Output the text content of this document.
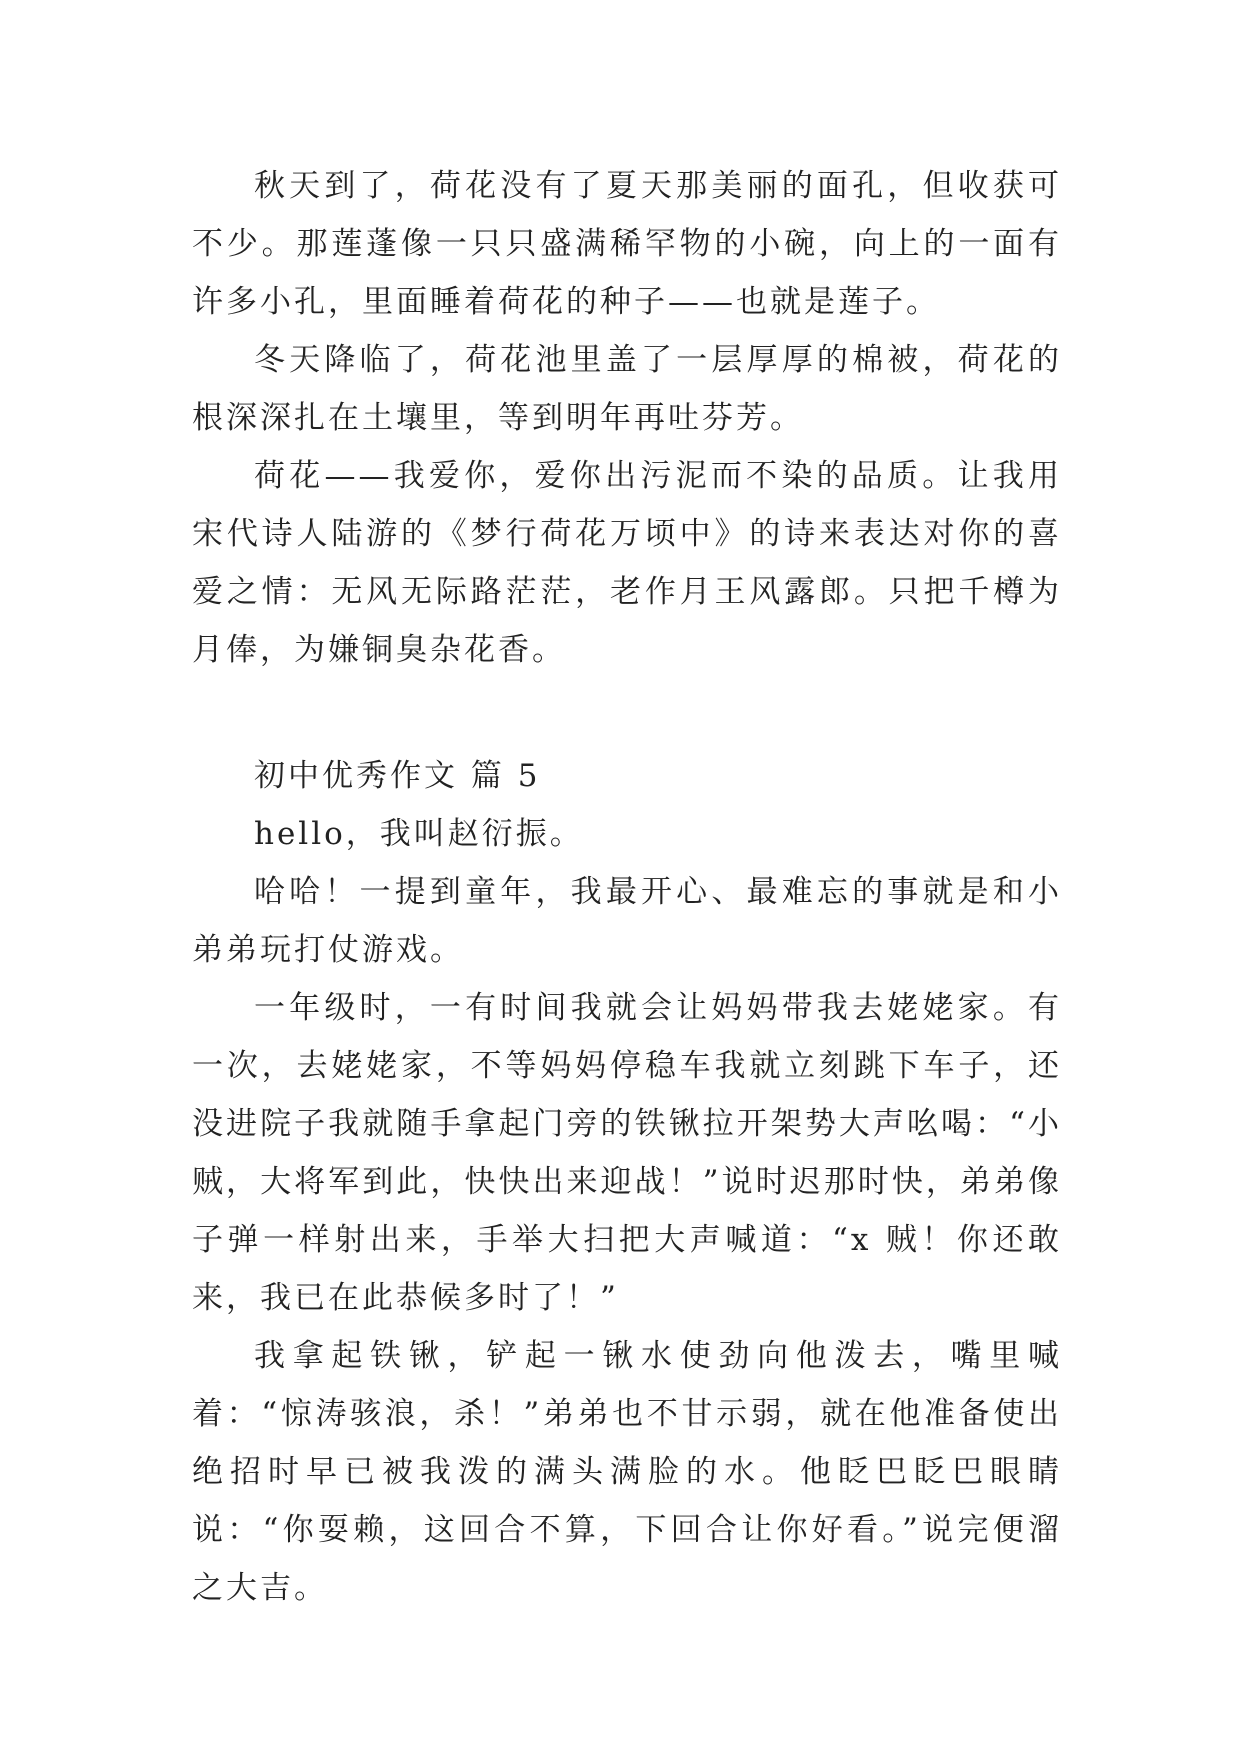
秋天到了，荷花没有了夏天那美丽的面孔，但收获可不少。那莲蓬像一只只盛满稀罕物的小碗，向上的一面有许多小孔，里面睡着荷花的种子——也就是莲子。

冬天降临了，荷花池里盖了一层厚厚的棉被，荷花的根深深扎在土壤里，等到明年再吐芬芳。

荷花——我爱你，爱你出污泥而不染的品质。让我用宋代诗人陆游的《梦行荷花万顷中》的诗来表达对你的喜爱之情：无风无际路茫茫，老作月王风露郎。只把千樽为月俸，为嫌铜臭杂花香。

初中优秀作文 篇 5

hello，我叫赵衍振。

哈哈！一提到童年，我最开心、最难忘的事就是和小弟弟玩打仗游戏。

一年级时，一有时间我就会让妈妈带我去姥姥家。有一次，去姥姥家，不等妈妈停稳车我就立刻跳下车子，还没进院子我就随手拿起门旁的铁锹拉开架势大声吆喝：“小贼，大将军到此，快快出来迎战！”说时迟那时快，弟弟像子弹一样射出来，手举大扫把大声喊道：“x 贼！你还敢来，我已在此恭候多时了！”

我拿起铁锹，铲起一锹水使劲向他泼去，嘴里喊着：“惊涛骇浪，杀！”弟弟也不甘示弱，就在他准备使出绝招时早已被我泼的满头满脸的水。他眨巴眨巴眼睛说：“你耍赖，这回合不算，下回合让你好看。”说完便溜之大吉。
